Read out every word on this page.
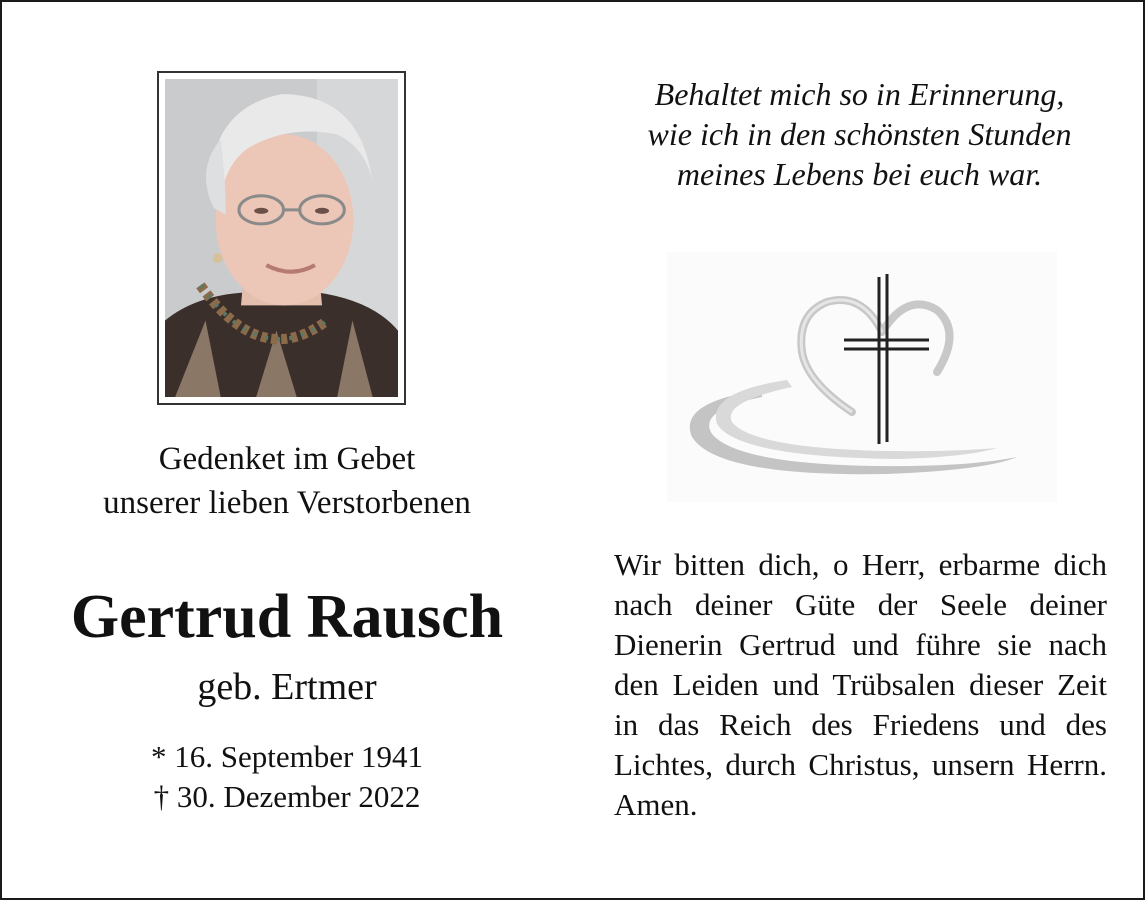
Gedenket im Gebet
unserer lieben Verstorbenen
Gertrud Rausch
geb. Ertmer
* 16. September 1941
† 30. Dezember 2022
Behaltet mich so in Erinnerung,
wie ich in den schönsten Stunden
meines Lebens bei euch war.
Wir bitten dich, o Herr, erbarme dich nach deiner Güte der Seele deiner Dienerin Gertrud und führe sie nach den Leiden und Trübsalen dieser Zeit in das Reich des Friedens und des Lichtes, durch Christus, unsern Herrn. Amen.
